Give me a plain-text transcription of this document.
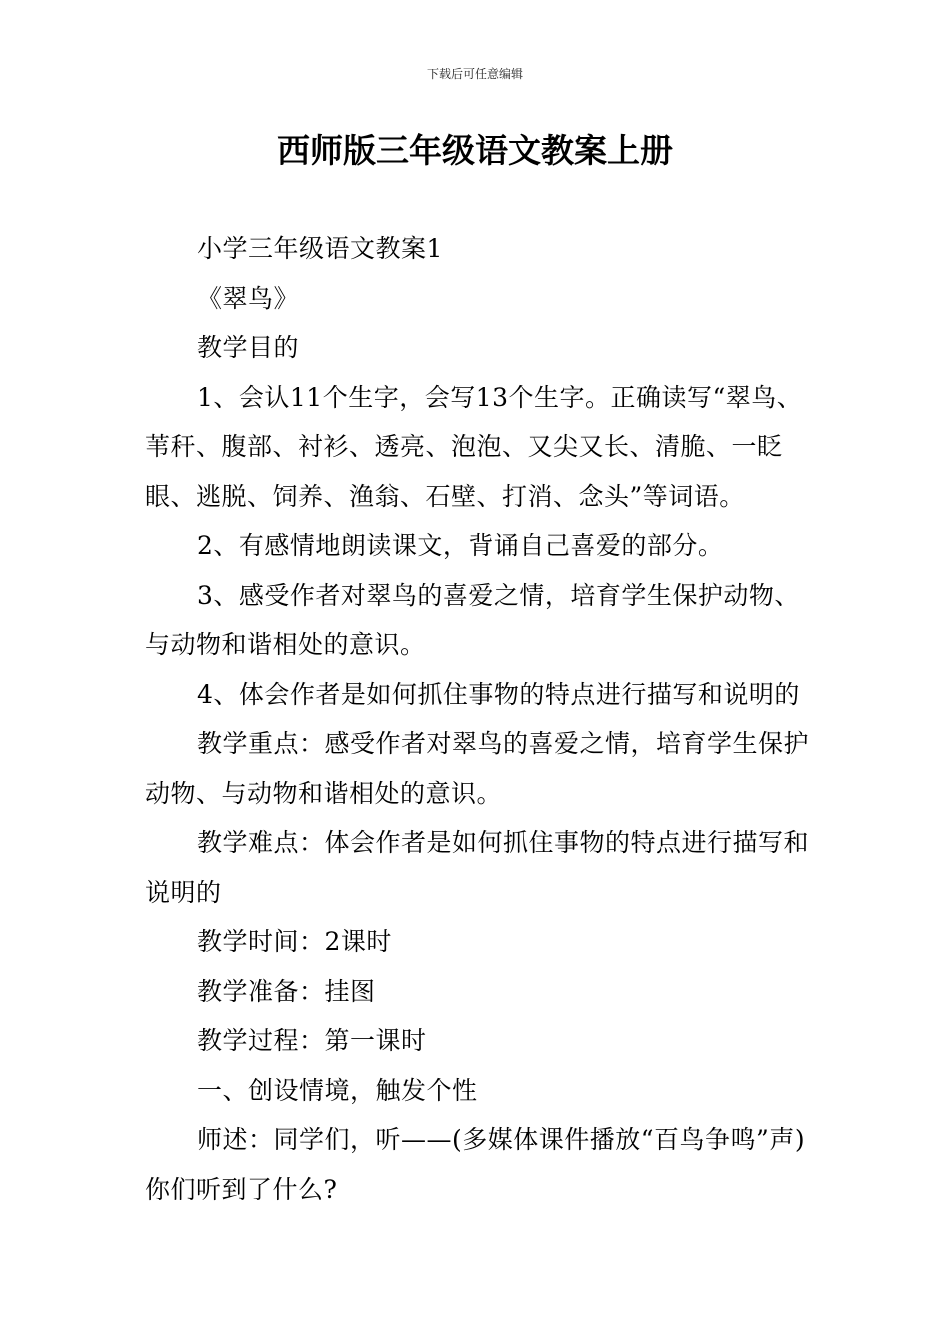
下载后可任意编辑
西师版三年级语文教案上册

小学三年级语文教案1

《翠鸟》

教学目的

1、会认11个生字，会写13个生字。正确读写“翠鸟、苇秆、腹部、衬衫、透亮、泡泡、又尖又长、清脆、一眨眼、逃脱、饲养、渔翁、石壁、打消、念头”等词语。

2、有感情地朗读课文，背诵自己喜爱的部分。

3、感受作者对翠鸟的喜爱之情，培育学生保护动物、与动物和谐相处的意识。

4、体会作者是如何抓住事物的特点进行描写和说明的

教学重点：感受作者对翠鸟的喜爱之情，培育学生保护动物、与动物和谐相处的意识。

教学难点：体会作者是如何抓住事物的特点进行描写和说明的

教学时间：2课时

教学准备：挂图

教学过程：第一课时

一、创设情境，触发个性

师述：同学们，听——(多媒体课件播放“百鸟争鸣”声)你们听到了什么?
